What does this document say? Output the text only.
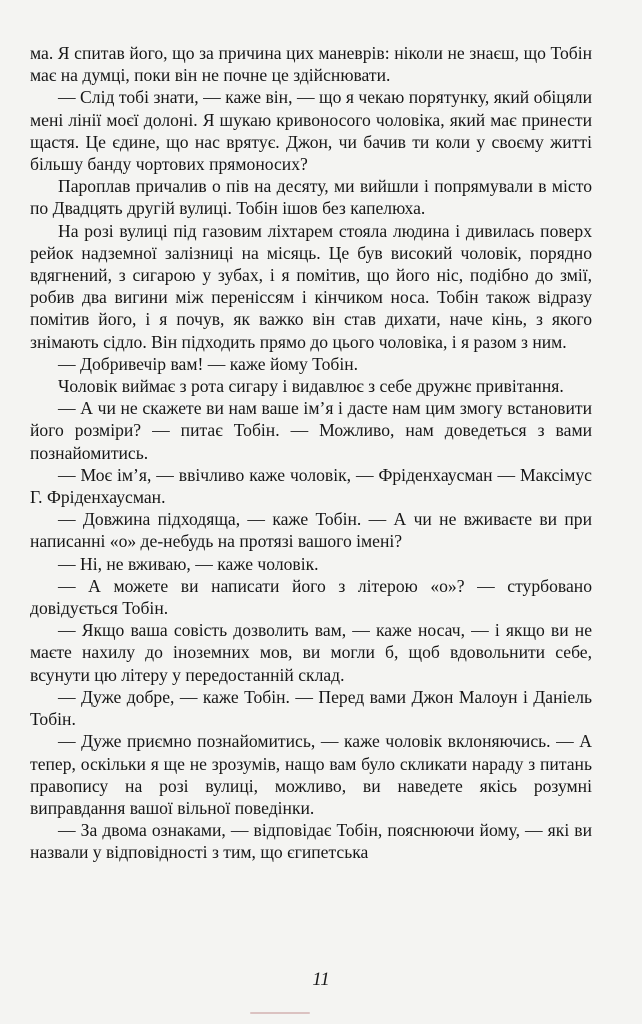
ма. Я спитав його, що за причина цих маневрів: ніколи не знаєш, що Тобін має на думці, поки він не почне це здійснювати.

— Слід тобі знати, — каже він, — що я чекаю порятунку, який обіцяли мені лінії моєї долоні. Я шукаю кривоносого чоловіка, який має принести щастя. Це єдине, що нас врятує. Джон, чи бачив ти коли у своєму житті більшу банду чортових прямоносих?

Пароплав причалив о пів на десяту, ми вийшли і попрямували в місто по Двадцять другій вулиці. Тобін ішов без капелюха.

На розі вулиці під газовим ліхтарем стояла людина і дивилась поверх рейок надземної залізниці на місяць. Це був високий чоловік, порядно вдягнений, з сигарою у зубах, і я помітив, що його ніс, подібно до змії, робив два вигини між переніссям і кінчиком носа. Тобін також відразу помітив його, і я почув, як важко він став дихати, наче кінь, з якого знімають сідло. Він підходить прямо до цього чоловіка, і я разом з ним.

— Добривечір вам! — каже йому Тобін.

Чоловік виймає з рота сигару і видавлює з себе дружнє привітання.

— А чи не скажете ви нам ваше ім’я і дасте нам цим змогу встановити його розміри? — питає Тобін. — Можливо, нам доведеться з вами познайомитись.

— Моє ім’я, — ввічливо каже чоловік, — Фріденхаусман — Максімус Г. Фріденхаусман.

— Довжина підходяща, — каже Тобін. — А чи не вживаєте ви при написанні «о» де-небудь на протязі вашого імені?

— Ні, не вживаю, — каже чоловік.

— А можете ви написати його з літерою «о»? — стурбовано довідується Тобін.

— Якщо ваша совість дозволить вам, — каже носач, — і якщо ви не маєте нахилу до іноземних мов, ви могли б, щоб вдовольнити себе, всунути цю літеру у передостанній склад.

— Дуже добре, — каже Тобін. — Перед вами Джон Малоун і Даніель Тобін.

— Дуже приємно познайомитись, — каже чоловік вклоняючись. — А тепер, оскільки я ще не зрозумів, нащо вам було скликати нараду з питань правопису на розі вулиці, можливо, ви наведете якісь розумні виправдання вашої вільної поведінки.

— За двома ознаками, — відповідає Тобін, пояснюючи йому, — які ви назвали у відповідності з тим, що єгипетська

11
